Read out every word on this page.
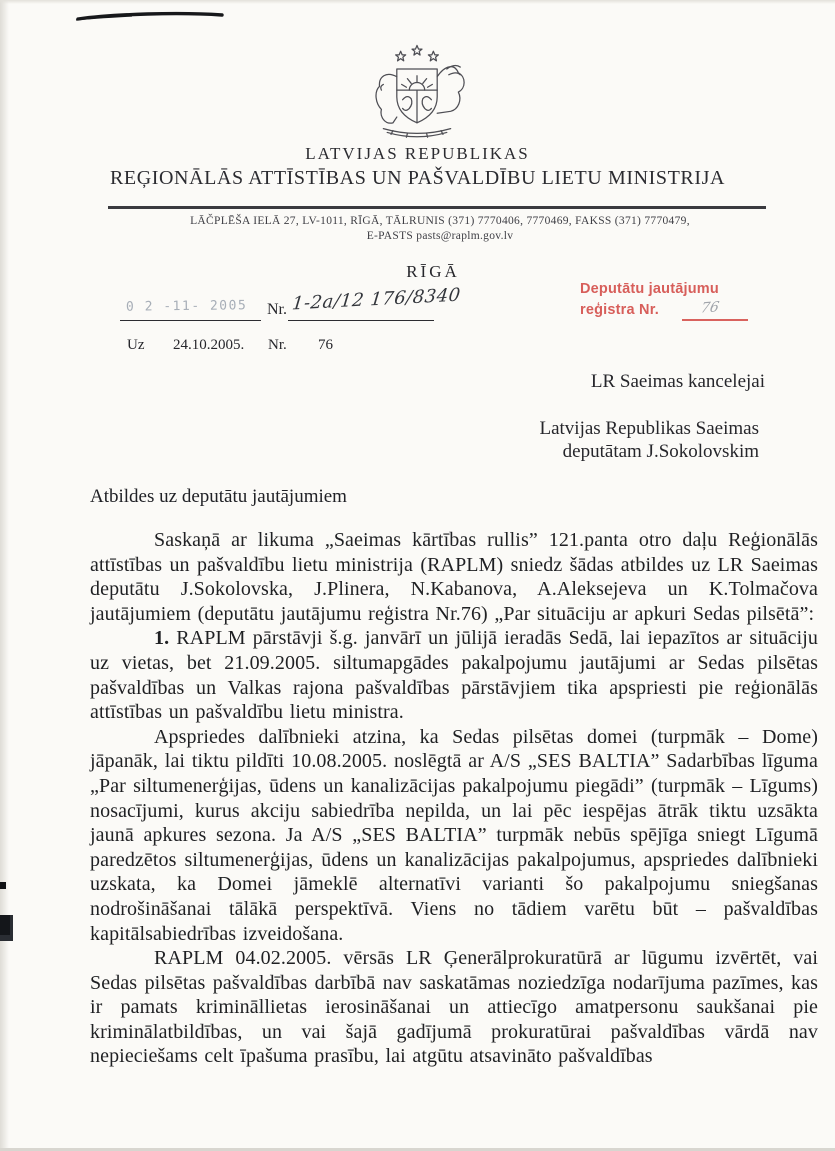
LATVIJAS REPUBLIKAS
REĢIONĀLĀS ATTĪSTĪBAS UN PAŠVALDĪBU LIETU MINISTRIJA
LĀČPLĒŠA IELĀ 27, LV-1011, RĪGĀ, TĀLRUNIS (371) 7770406, 7770469, FAKSS (371) 7770479,
E-PASTS pasts@raplm.gov.lv
RĪGĀ
0 2 -11- 2005 Nr. 1-2a/12 176/8340	Deputātu jautājumu
reģistra Nr.	76
Uz 24.10.2005. Nr. 76
LR Saeimas kancelejai
Latvijas Republikas Saeimas
deputātam J.Sokolovskim
Atbildes uz deputātu jautājumiem

Saskaņā ar likuma „Saeimas kārtības rullis” 121.panta otro daļu Reģionālās attīstības un pašvaldību lietu ministrija (RAPLM) sniedz šādas atbildes uz LR Saeimas deputātu J.Sokolovska, J.Plinera, N.Kabanova, A.Aleksejeva un K.Tolmačova jautājumiem (deputātu jautājumu reģistra Nr.76) „Par situāciju ar apkuri Sedas pilsētā”:

1. RAPLM pārstāvji š.g. janvārī un jūlijā ieradās Sedā, lai iepazītos ar situāciju uz vietas, bet 21.09.2005. siltumapgādes pakalpojumu jautājumi ar Sedas pilsētas pašvaldības un Valkas rajona pašvaldības pārstāvjiem tika apspriesti pie reģionālās attīstības un pašvaldību lietu ministra.

Apspriedes dalībnieki atzina, ka Sedas pilsētas domei (turpmāk – Dome) jāpanāk, lai tiktu pildīti 10.08.2005. noslēgtā ar A/S „SES BALTIA” Sadarbības līguma „Par siltumenerģijas, ūdens un kanalizācijas pakalpojumu piegādi” (turpmāk – Līgums) nosacījumi, kurus akciju sabiedrība nepilda, un lai pēc iespējas ātrāk tiktu uzsākta jaunā apkures sezona. Ja A/S „SES BALTIA” turpmāk nebūs spējīga sniegt Līgumā paredzētos siltumenerģijas, ūdens un kanalizācijas pakalpojumus, apspriedes dalībnieki uzskata, ka Domei jāmeklē alternatīvi varianti šo pakalpojumu sniegšanas nodrošināšanai tālākā perspektīvā. Viens no tādiem varētu būt – pašvaldības kapitālsabiedrības izveidošana.

RAPLM 04.02.2005. vērsās LR Ģenerālprokuratūrā ar lūgumu izvērtēt, vai Sedas pilsētas pašvaldības darbībā nav saskatāmas noziedzīga nodarījuma pazīmes, kas ir pamats krimināllietas ierosināšanai un attiecīgo amatpersonu saukšanai pie kriminālatbildības, un vai šajā gadījumā prokuratūrai pašvaldības vārdā nav nepieciešams celt īpašuma prasību, lai atgūtu atsavināto pašvaldības
